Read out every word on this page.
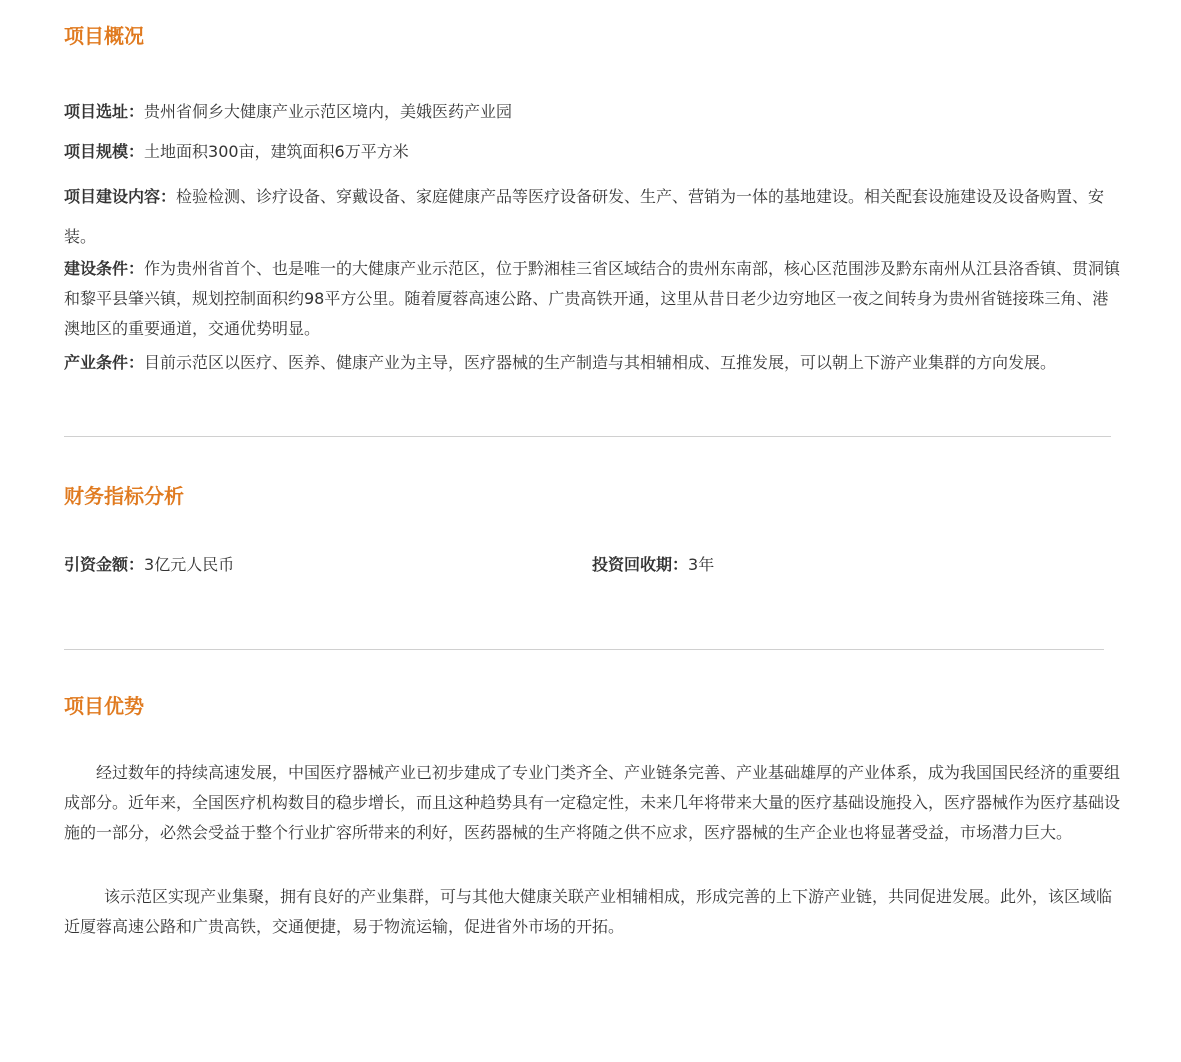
项目概况

项目选址：贵州省侗乡大健康产业示范区境内，美娥医药产业园

项目规模：土地面积300亩，建筑面积6万平方米

项目建设内容：检验检测、诊疗设备、穿戴设备、家庭健康产品等医疗设备研发、生产、营销为一体的基地建设。相关配套设施建设及设备购置、安装。

建设条件：作为贵州省首个、也是唯一的大健康产业示范区，位于黔湘桂三省区域结合的贵州东南部，核心区范围涉及黔东南州从江县洛香镇、贯洞镇和黎平县肇兴镇，规划控制面积约98平方公里。随着厦蓉高速公路、广贵高铁开通，这里从昔日老少边穷地区一夜之间转身为贵州省链接珠三角、港澳地区的重要通道，交通优势明显。

产业条件：目前示范区以医疗、医养、健康产业为主导，医疗器械的生产制造与其相辅相成、互推发展，可以朝上下游产业集群的方向发展。

财务指标分析

引资金额：3亿元人民币	投资回收期：3年

项目优势

经过数年的持续高速发展，中国医疗器械产业已初步建成了专业门类齐全、产业链条完善、产业基础雄厚的产业体系，成为我国国民经济的重要组成部分。近年来，全国医疗机构数目的稳步增长，而且这种趋势具有一定稳定性，未来几年将带来大量的医疗基础设施投入，医疗器械作为医疗基础设施的一部分，必然会受益于整个行业扩容所带来的利好，医药器械的生产将随之供不应求，医疗器械的生产企业也将显著受益，市场潜力巨大。

该示范区实现产业集聚，拥有良好的产业集群，可与其他大健康关联产业相辅相成，形成完善的上下游产业链，共同促进发展。此外，该区域临近厦蓉高速公路和广贵高铁，交通便捷，易于物流运输，促进省外市场的开拓。
